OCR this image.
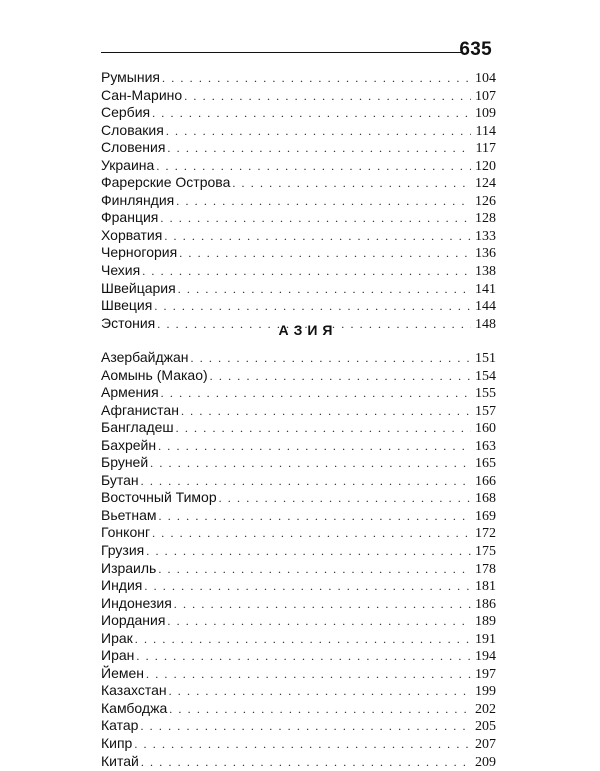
635
Румыния . . .	104
Сан-Марино . . .	107
Сербия . . .	109
Словакия . . .	114
Словения . . .	117
Украина . . .	120
Фарерские Острова . . .	124
Финляндия . . .	126
Франция . . .	128
Хорватия . . .	133
Черногория . . .	136
Чехия . . .	138
Швейцария . . .	141
Швеция . . .	144
Эстония . . .	148
АЗИЯ
Азербайджан . . .	151
Аомынь (Макао) . . .	154
Армения . . .	155
Афганистан . . .	157
Бангладеш . . .	160
Бахрейн . . .	163
Бруней . . .	165
Бутан . . .	166
Восточный Тимор . . .	168
Вьетнам . . .	169
Гонконг . . .	172
Грузия . . .	175
Израиль . . .	178
Индия . . .	181
Индонезия . . .	186
Иордания . . .	189
Ирак . . .	191
Иран . . .	194
Йемен . . .	197
Казахстан . . .	199
Камбоджа . . .	202
Катар . . .	205
Кипр . . .	207
Китай . . .	209
